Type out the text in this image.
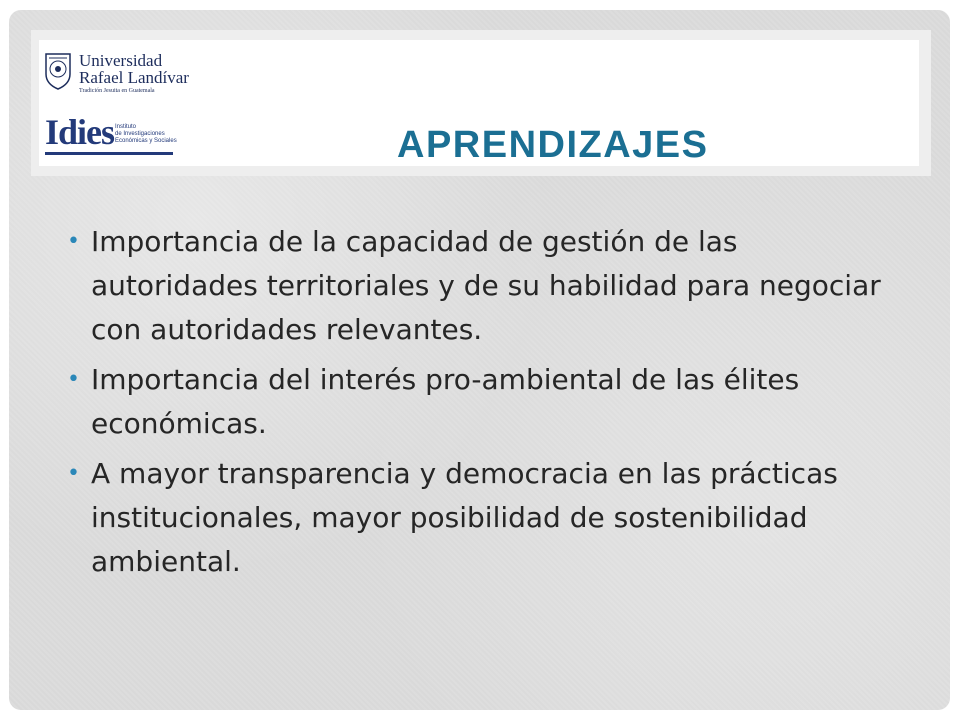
Universidad
Rafael Landívar
Tradición Jesuita en Guatemala
Idies Instituto
de Investigaciones
Económicas y Sociales	APRENDIZAJES
• Importancia de la capacidad de gestión de las autoridades territoriales y de su habilidad para negociar con autoridades relevantes.
• Importancia del interés pro-ambiental de las élites económicas.
• A mayor transparencia y democracia en las prácticas institucionales, mayor posibilidad de sostenibilidad ambiental.
